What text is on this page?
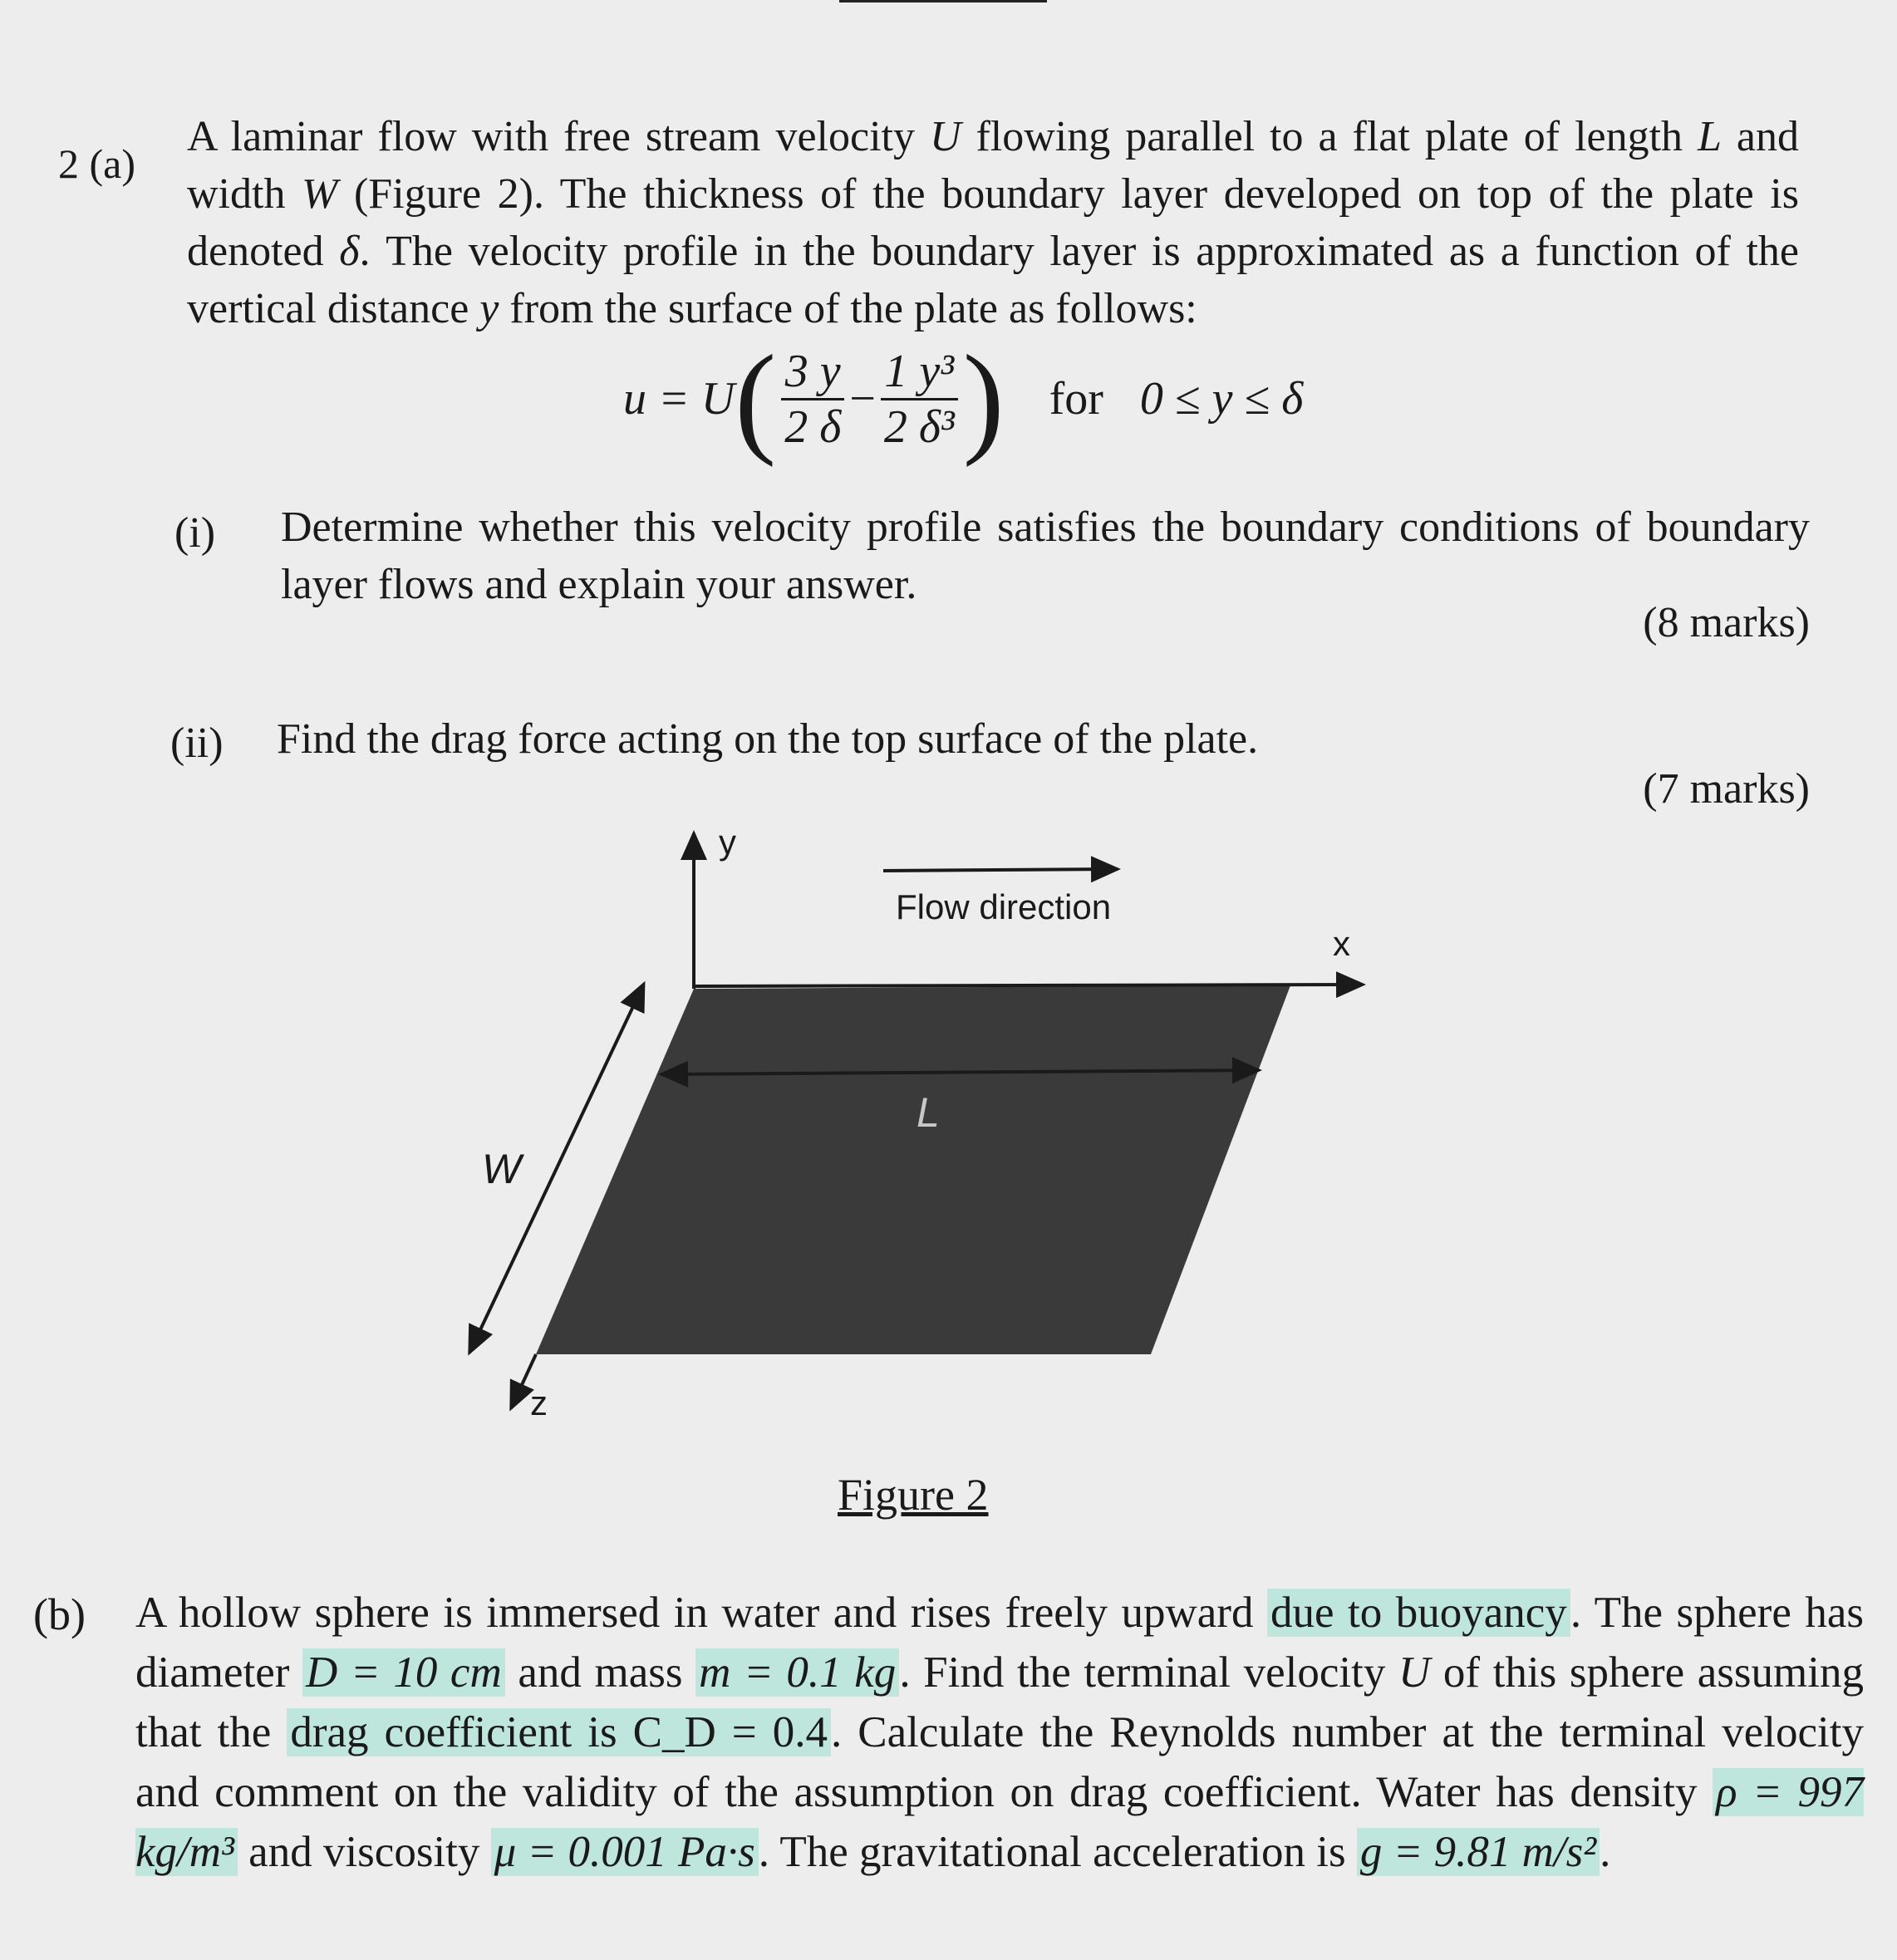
2 (a)
A laminar flow with free stream velocity U flowing parallel to a flat plate of length L and width W (Figure 2). The thickness of the boundary layer developed on top of the plate is denoted δ. The velocity profile in the boundary layer is approximated as a function of the vertical distance y from the surface of the plate as follows:
$u = U( \frac{3 y}{2 \delta} - \frac{\text{1 y³}}{\text{2 δ³}}$ ) for 0 ≤ y ≤ δ
(i) Determine whether this velocity profile satisfies the boundary conditions of boundary layer flows and explain your answer.
(8 marks)
(ii) Find the drag force acting on the top surface of the plate.
(7 marks)
y
x
z
Flow direction
L
W
Figure 2
(b) A hollow sphere is immersed in water and rises freely upward due to buoyancy. The sphere has diameter D = 10 cm and mass m = 0.1 kg. Find the terminal velocity U of this sphere assuming that the drag coefficient is C_D = 0.4. Calculate the Reynolds number at the terminal velocity and comment on the validity of the assumption on drag coefficient. Water has density ρ = 997 kg/m³ and viscosity μ = 0.001 Pa·s. The gravitational acceleration is g = 9.81 m/s².
